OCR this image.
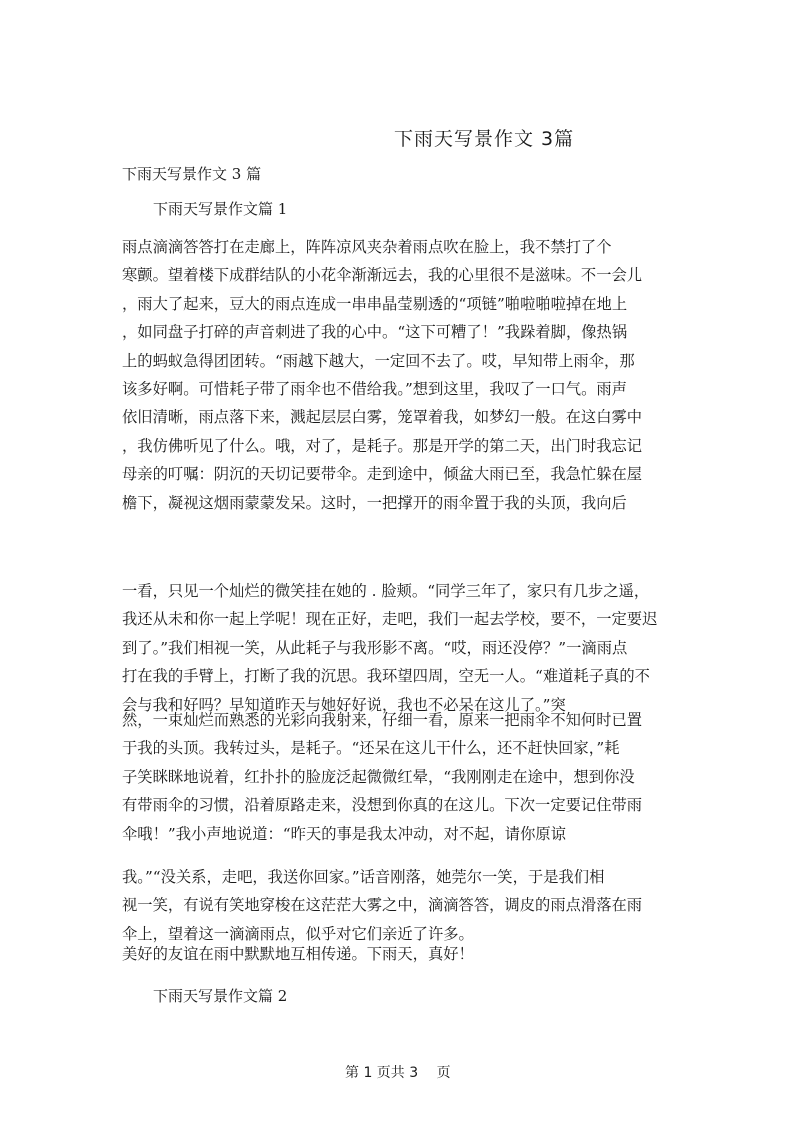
下雨天写景作文 3篇
下雨天写景作文 3 篇
下雨天写景作文篇 1
雨点滴滴答答打在走廊上，阵阵凉风夹杂着雨点吹在脸上，我不禁打了个
寒颤。望着楼下成群结队的小花伞渐渐远去，我的心里很不是滋味。不一会儿
，雨大了起来，豆大的雨点连成一串串晶莹剔透的“项链”啪啦啪啦掉在地上
，如同盘子打碎的声音刺进了我的心中。“这下可糟了！”我跺着脚，像热锅
上的蚂蚁急得团团转。“雨越下越大，一定回不去了。哎，早知带上雨伞，那
该多好啊。可惜耗子带了雨伞也不借给我。”想到这里，我叹了一口气。雨声
依旧清晰，雨点落下来，溅起层层白雾，笼罩着我，如梦幻一般。在这白雾中
，我仿佛听见了什么。哦，对了，是耗子。那是开学的第二天，出门时我忘记
母亲的叮嘱：阴沉的天切记要带伞。走到途中，倾盆大雨已至，我急忙躲在屋
檐下，凝视这烟雨蒙蒙发呆。这时，一把撑开的雨伞置于我的头顶，我向后
一看，只见一个灿烂的微笑挂在她的 . 脸颊。“同学三年了，家只有几步之遥，
我还从未和你一起上学呢！现在正好，走吧，我们一起去学校，要不，一定要迟
到了。”我们相视一笑，从此耗子与我形影不离。“哎，雨还没停？”一滴雨点
打在我的手臂上，打断了我的沉思。我环望四周，空无一人。“难道耗子真的不
会与我和好吗？早知道昨天与她好好说，我也不必呆在这儿了。”突
然，一束灿烂而熟悉的光彩向我射来，仔细一看，原来一把雨伞不知何时已置
于我的头顶。我转过头，是耗子。“还呆在这儿干什么，还不赶快回家，”耗
子笑眯眯地说着，红扑扑的脸庞泛起微微红晕，“我刚刚走在途中，想到你没
有带雨伞的习惯，沿着原路走来，没想到你真的在这儿。下次一定要记住带雨
伞哦！”我小声地说道：“昨天的事是我太冲动，对不起，请你原谅
我。”“没关系，走吧，我送你回家。”话音刚落，她莞尔一笑，于是我们相
视一笑，有说有笑地穿梭在这茫茫大雾之中，滴滴答答，调皮的雨点滑落在雨
伞上，望着这一滴滴雨点，似乎对它们亲近了许多。
美好的友谊在雨中默默地互相传递。下雨天，真好！
下雨天写景作文篇 2
第 1 页共 3　 页
